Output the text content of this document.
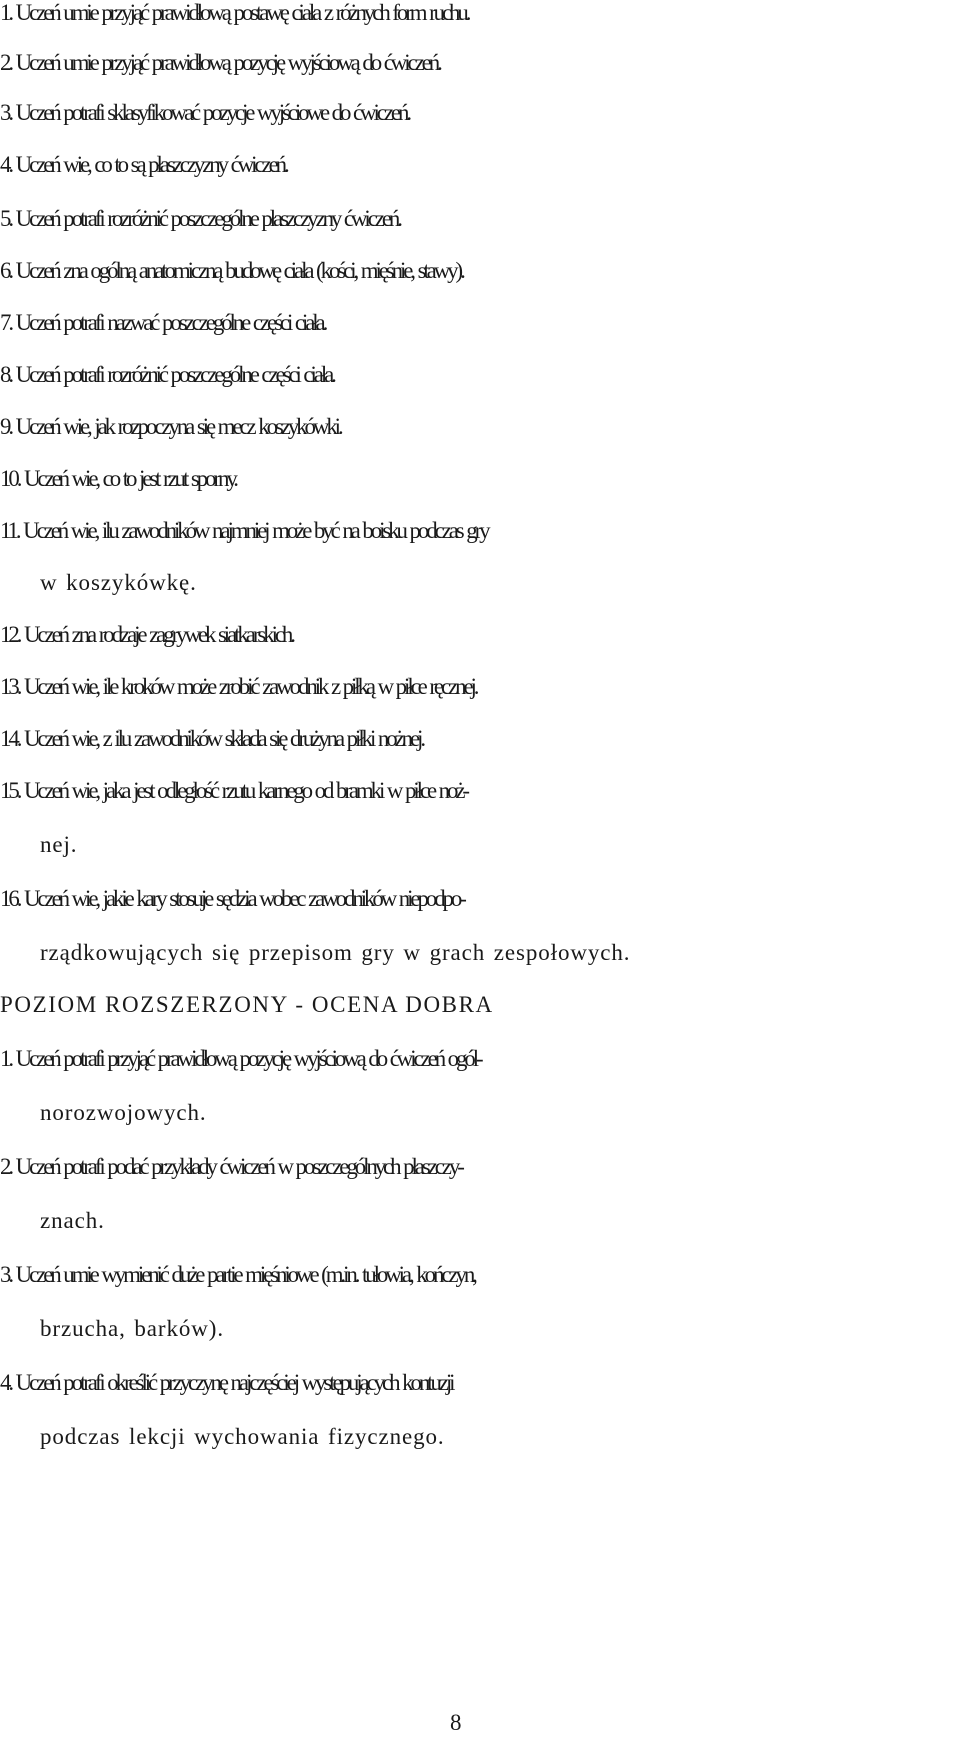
1. Uczeń umie przyjąć prawidłową postawę ciała z różnych form ruchu.
2. Uczeń umie przyjąć prawidłową pozycję wyjściową do ćwiczeń.
3. Uczeń potrafi sklasyfikować pozycje wyjściowe do ćwiczeń.
4. Uczeń wie, co to są płaszczyzny ćwiczeń.
5. Uczeń potrafi rozróżnić poszczególne płaszczyzny ćwiczeń.
6. Uczeń zna ogólną anatomiczną budowę ciała (kości, mięśnie, stawy).
7. Uczeń potrafi nazwać poszczególne części ciała.
8. Uczeń potrafi rozróżnić poszczególne części ciała.
9. Uczeń wie, jak rozpoczyna się mecz koszykówki.
10. Uczeń wie, co to jest rzut sporny.
11. Uczeń wie, ilu zawodników najmniej może być na boisku podczas gry
w koszykówkę.
12. Uczeń zna rodzaje zagrywek siatkarskich.
13. Uczeń wie, ile kroków może zrobić zawodnik z piłką w piłce ręcznej.
14. Uczeń wie, z ilu zawodników składa się drużyna piłki nożnej.
15. Uczeń wie, jaka jest odległość rzutu karnego od bramki w piłce noż-
nej.
16. Uczeń wie, jakie kary stosuje sędzia wobec zawodników niepodpo-
rządkowujących się przepisom gry w grach zespołowych.
POZIOM ROZSZERZONY - OCENA DOBRA
1. Uczeń potrafi przyjąć prawidłową pozycję wyjściową do ćwiczeń ogól-
norozwojowych.
2. Uczeń potrafi podać przykłady ćwiczeń w poszczególnych płaszczy-
znach.
3. Uczeń umie wymienić duże partie mięśniowe (m.in. tułowia, kończyn,
brzucha, barków).
4. Uczeń potrafi określić przyczynę najczęściej występujących kontuzji
podczas lekcji wychowania fizycznego.
8
